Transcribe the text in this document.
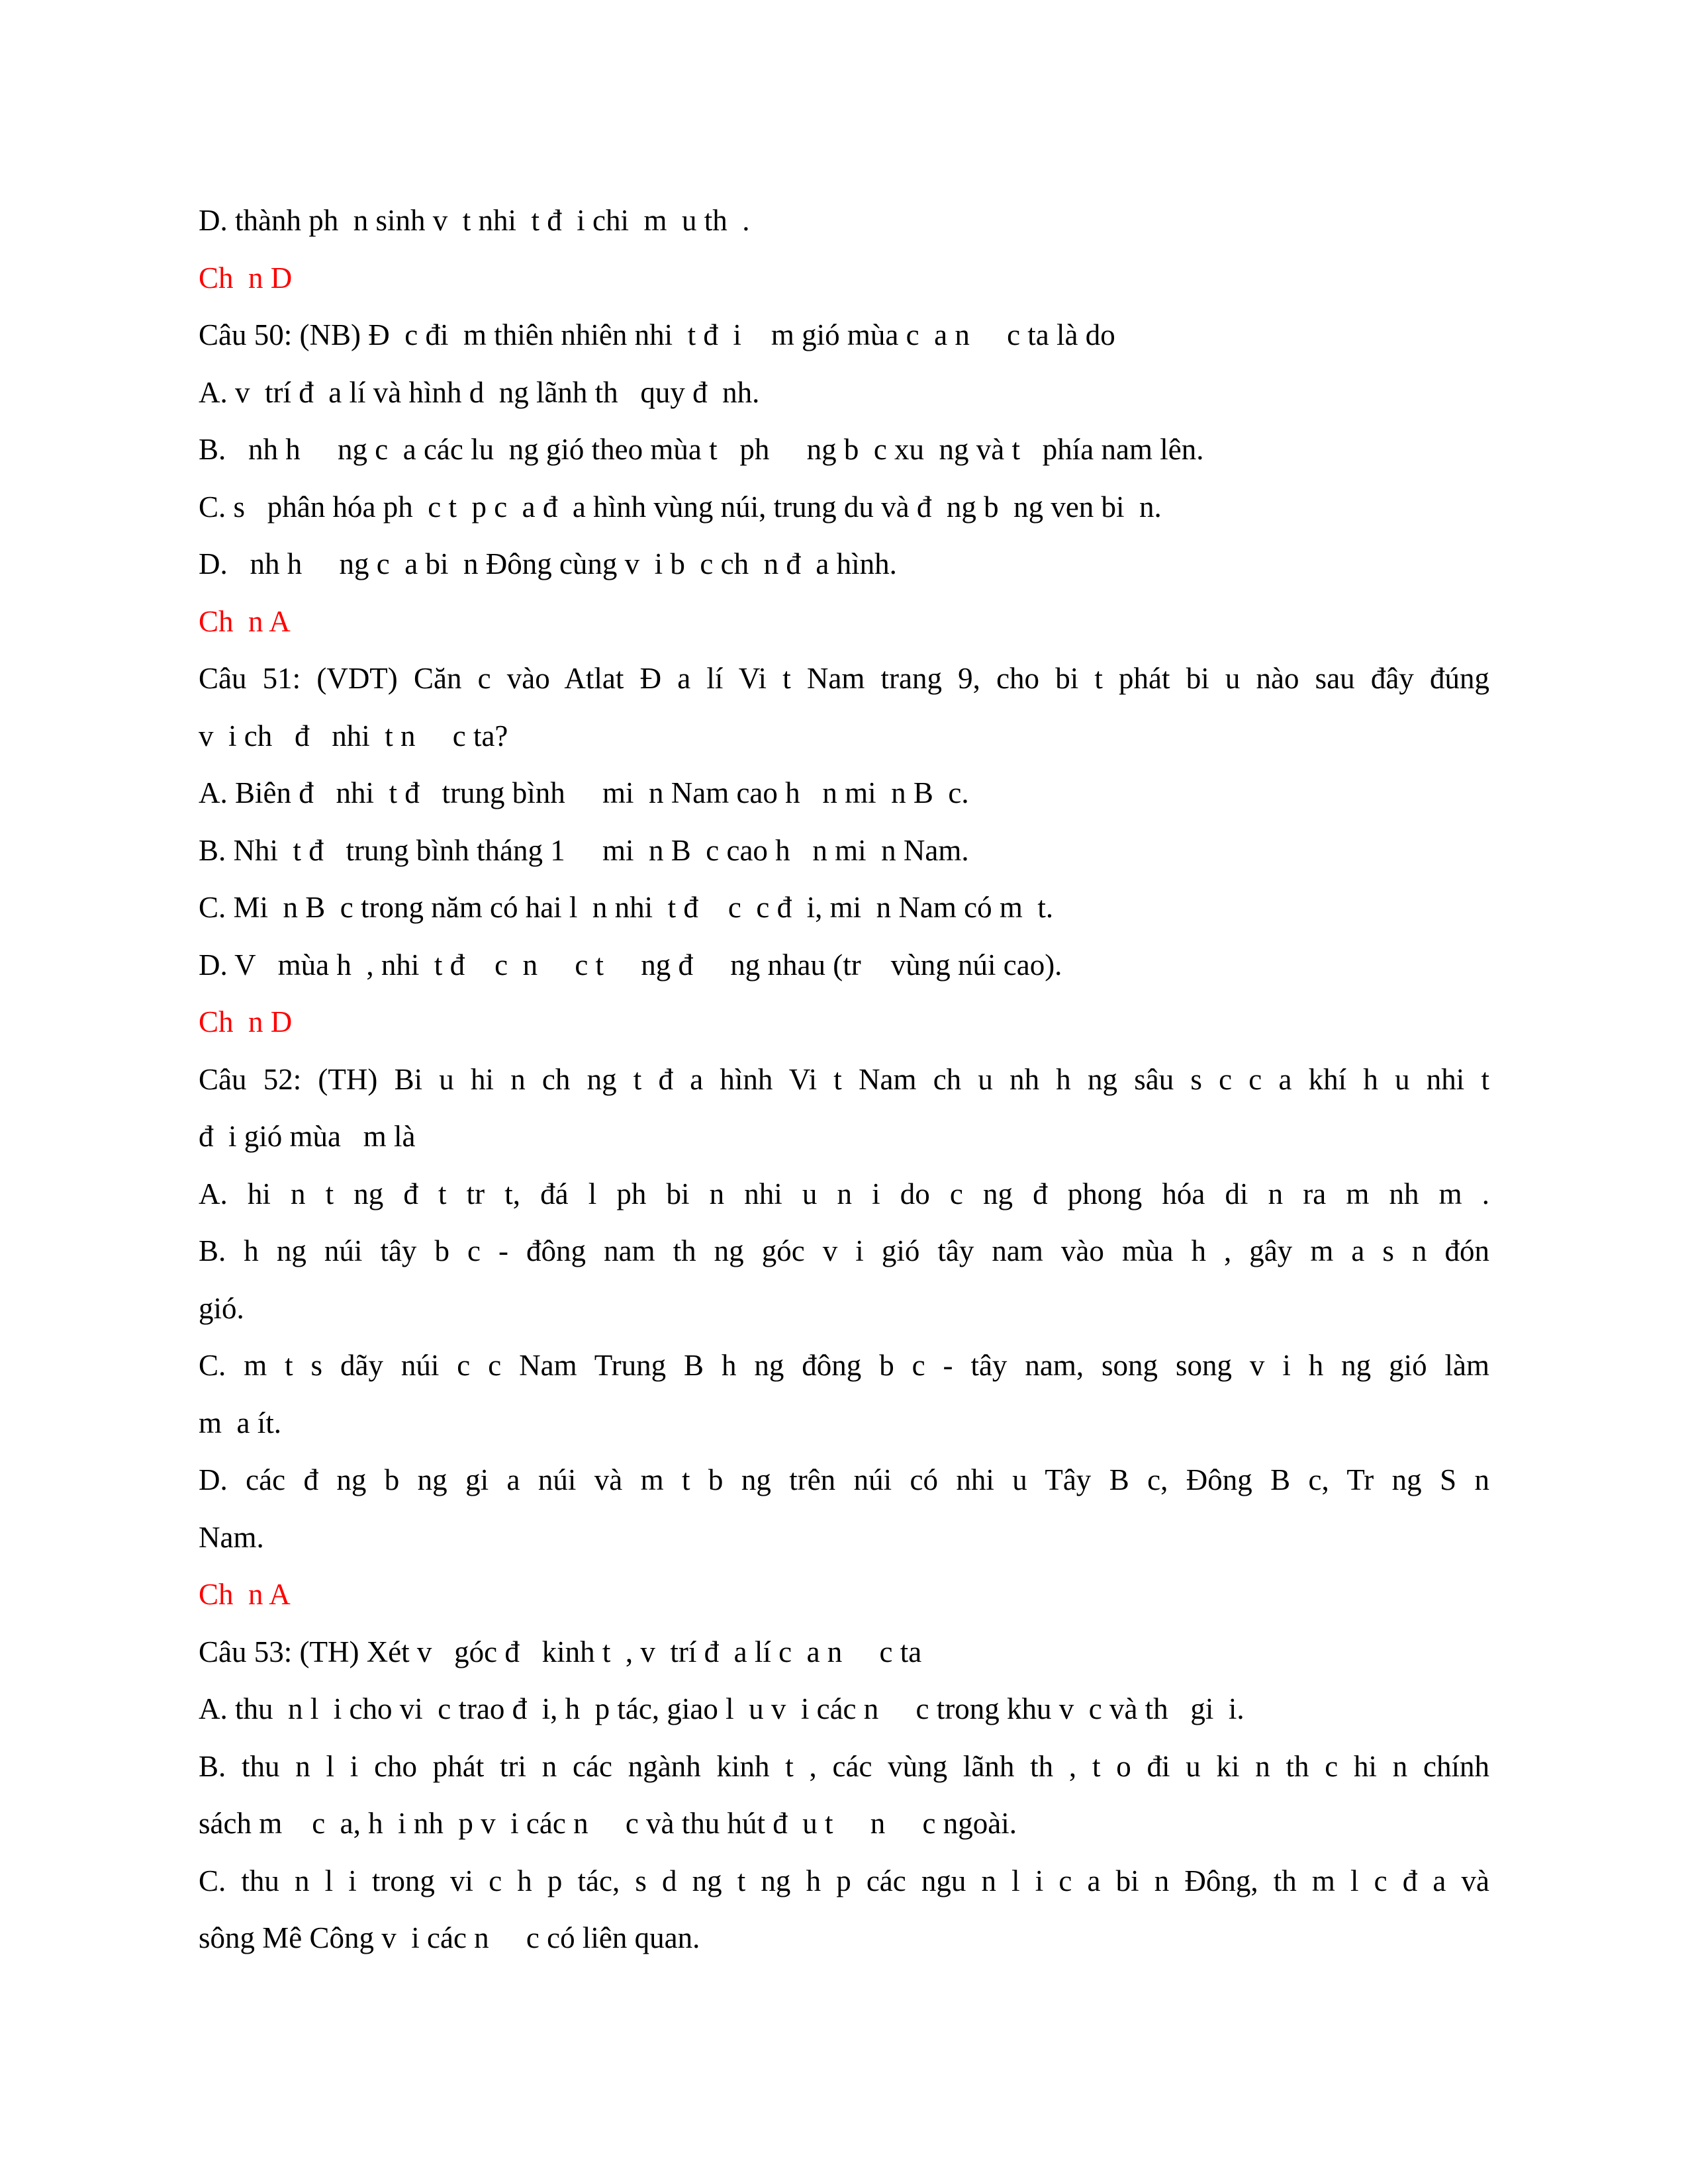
D. thành ph  n sinh v  t nhi  t đ  i chi  m  u th  .
Ch  n D
Câu 50: (NB) Đ  c đi  m thiên nhiên nhi  t đ  i    m gió mùa c  a n     c ta là do
A. v  trí đ  a lí và hình d  ng lãnh th   quy đ  nh.
B.   nh h     ng c  a các lu  ng gió theo mùa t   ph     ng b  c xu  ng và t   phía nam lên.
C. s   phân hóa ph  c t  p c  a đ  a hình vùng núi, trung du và đ  ng b  ng ven bi  n.
D.   nh h     ng c  a bi  n Đông cùng v  i b  c ch  n đ  a hình.
Ch  n A
Câu 51: (VDT) Căn c vào Atlat Đ a lí Vi t Nam trang 9, cho bi t phát bi u nào sau đây đúng
v  i ch   đ   nhi  t n     c ta?
A. Biên đ   nhi  t đ   trung bình     mi  n Nam cao h   n mi  n B  c.
B. Nhi  t đ   trung bình tháng 1     mi  n B  c cao h   n mi  n Nam.
C. Mi  n B  c trong năm có hai l  n nhi  t đ    c  c đ  i, mi  n Nam có m  t.
D. V   mùa h  , nhi  t đ    c  n     c t     ng đ     ng nhau (tr    vùng núi cao).
Ch  n D
Câu 52: (TH) Bi u hi n ch ng t đ a hình Vi t Nam ch u nh h ng sâu s c c a khí h u nhi t
đ  i gió mùa   m là
A. hi n t ng đ t tr t, đá l ph bi n nhi u n i do c ng đ phong hóa di n ra m nh m .
B. h ng núi tây b c - đông nam th ng góc v i gió tây nam vào mùa h , gây m a s n đón
gió.
C. m t s dãy núi c c Nam Trung B h ng đông b c - tây nam, song song v i h ng gió làm
m  a ít.
D. các đ ng b ng gi a núi và m t b ng trên núi có nhi u Tây B c, Đông B c, Tr ng S n
Nam.
Ch  n A
Câu 53: (TH) Xét v   góc đ   kinh t  , v  trí đ  a lí c  a n     c ta
A. thu  n l  i cho vi  c trao đ  i, h  p tác, giao l  u v  i các n     c trong khu v  c và th   gi  i.
B. thu n l i cho phát tri n các ngành kinh t , các vùng lãnh th , t o đi u ki n th c hi n chính
sách m    c  a, h  i nh  p v  i các n     c và thu hút đ  u t     n     c ngoài.
C. thu n l i trong vi c h p tác, s d ng t ng h p các ngu n l i c a bi n Đông, th m l c đ a và
sông Mê Công v  i các n     c có liên quan.
